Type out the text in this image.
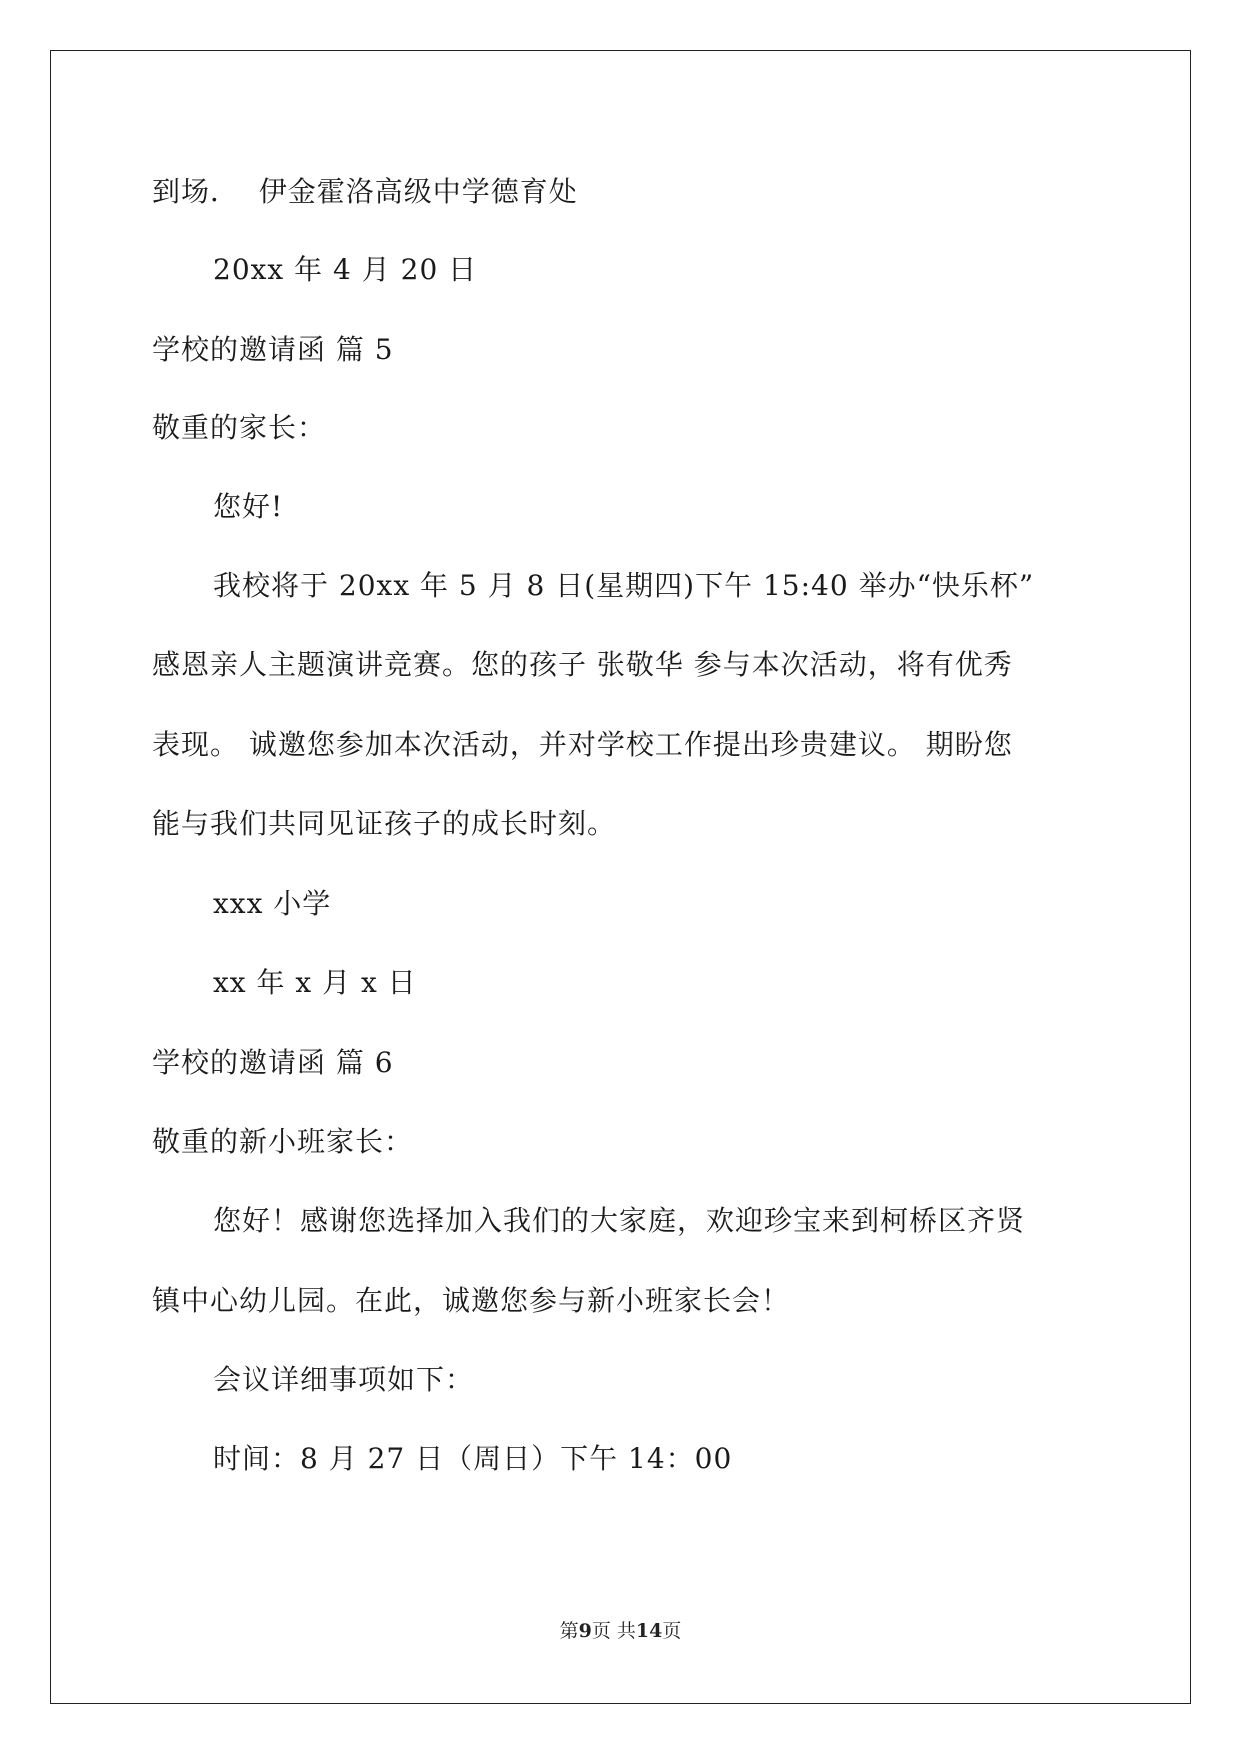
到场．  伊金霍洛高级中学德育处
20xx 年 4 月 20 日
学校的邀请函 篇 5
敬重的家长：
您好!
我校将于 20xx 年 5 月 8 日(星期四)下午 15:40 举办“快乐杯”
感恩亲人主题演讲竞赛。您的孩子 张敬华 参与本次活动，将有优秀
表现。 诚邀您参加本次活动，并对学校工作提出珍贵建议。 期盼您
能与我们共同见证孩子的成长时刻。
xxx 小学
xx 年 x 月 x 日
学校的邀请函 篇 6
敬重的新小班家长：
您好！感谢您选择加入我们的大家庭，欢迎珍宝来到柯桥区齐贤
镇中心幼儿园。在此，诚邀您参与新小班家长会！
会议详细事项如下：
时间：8 月 27 日（周日）下午 14：00
第9页 共14页
